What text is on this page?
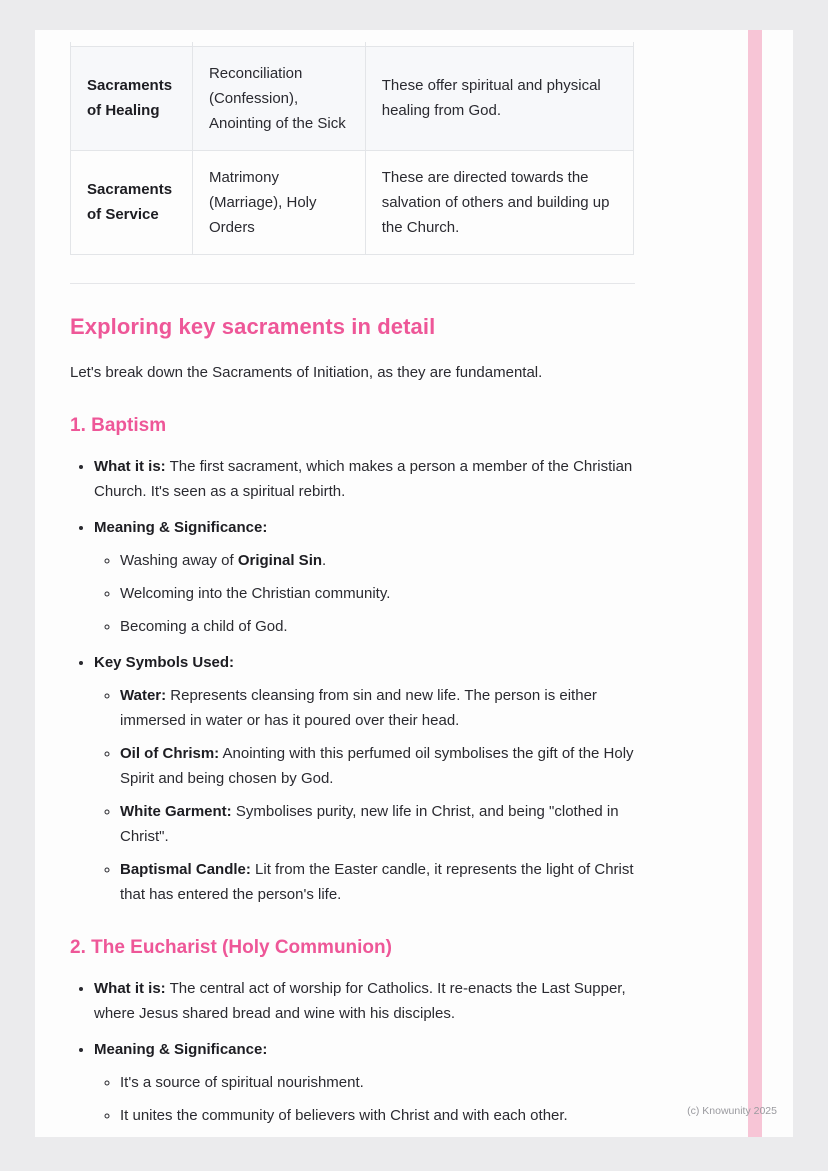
Sacraments of Healing	Reconciliation (Confession), Anointing of the Sick	These offer spiritual and physical healing from God.
Sacraments of Service	Matrimony (Marriage), Holy Orders	These are directed towards the salvation of others and building up the Church.
Exploring key sacraments in detail

Let's break down the Sacraments of Initiation, as they are fundamental.

1. Baptism
• What it is: The first sacrament, which makes a person a member of the Christian Church. It's seen as a spiritual rebirth.
• Meaning & Significance:
◦ Washing away of Original Sin.
◦ Welcoming into the Christian community.
◦ Becoming a child of God.
• Key Symbols Used:
◦ Water: Represents cleansing from sin and new life. The person is either immersed in water or has it poured over their head.
◦ Oil of Chrism: Anointing with this perfumed oil symbolises the gift of the Holy Spirit and being chosen by God.
◦ White Garment: Symbolises purity, new life in Christ, and being "clothed in Christ".
◦ Baptismal Candle: Lit from the Easter candle, it represents the light of Christ that has entered the person's life.
2. The Eucharist (Holy Communion)
• What it is: The central act of worship for Catholics. It re-enacts the Last Supper, where Jesus shared bread and wine with his disciples.
• Meaning & Significance:
◦ It's a source of spiritual nourishment.
◦ It unites the community of believers with Christ and with each other.	(c) Knowunity 2025
